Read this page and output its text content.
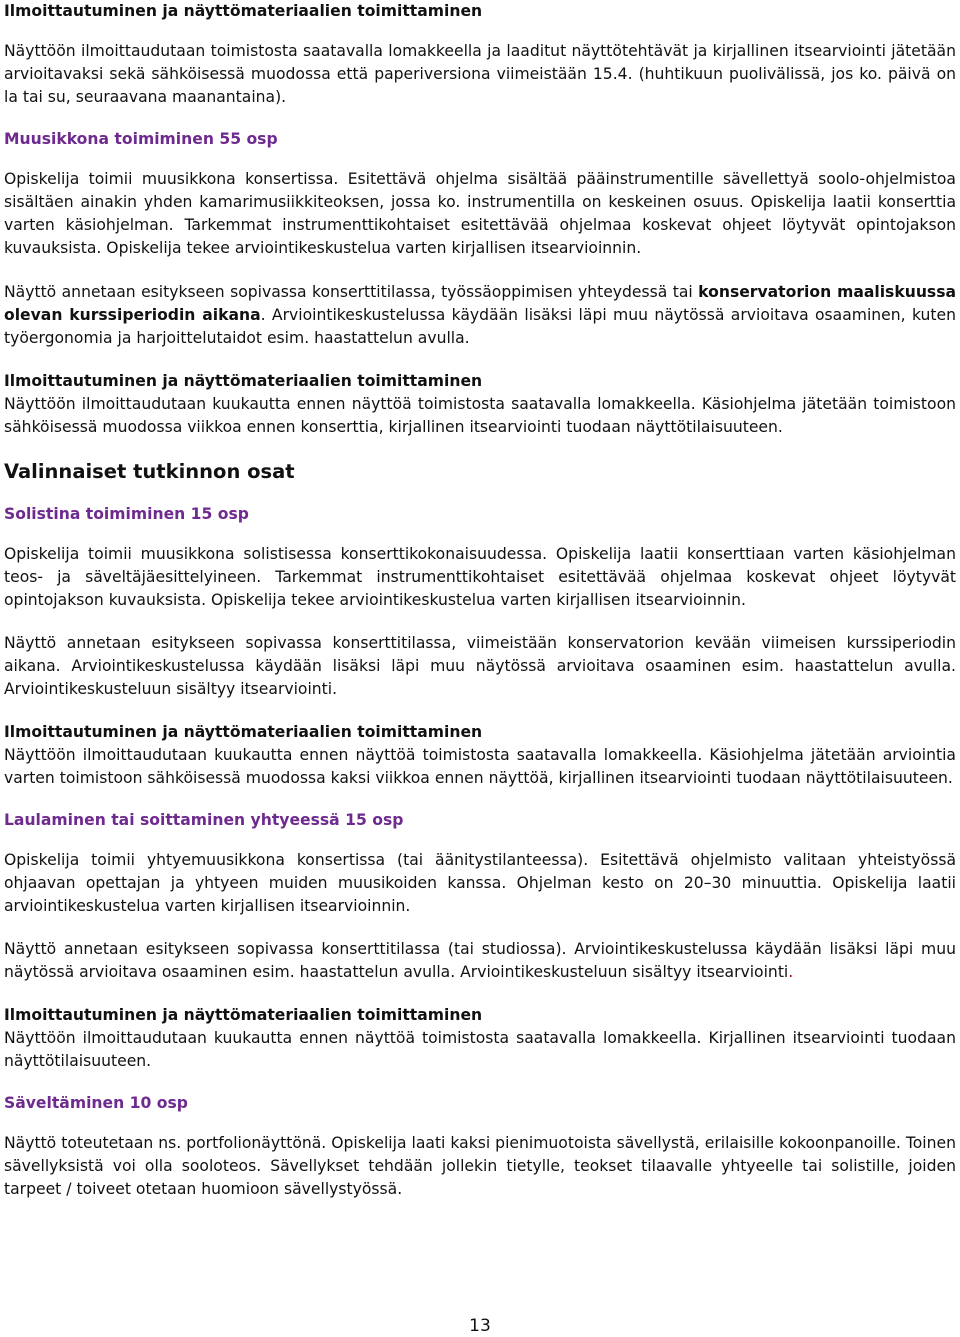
Ilmoittautuminen ja näyttömateriaalien toimittaminen

Näyttöön ilmoittaudutaan toimistosta saatavalla lomakkeella ja laaditut näyttötehtävät ja kirjallinen itsearviointi jätetään arvioitavaksi sekä sähköisessä muodossa että paperiversiona viimeistään 15.4. (huhtikuun puolivälissä, jos ko. päivä on la tai su, seuraavana maanantaina).

Muusikkona toimiminen 55 osp

Opiskelija toimii muusikkona konsertissa. Esitettävä ohjelma sisältää pääinstrumentille sävellettyä soolo-ohjelmistoa sisältäen ainakin yhden kamarimusiikkiteoksen, jossa ko. instrumentilla on keskeinen osuus. Opiskelija laatii konserttia varten käsiohjelman. Tarkemmat instrumenttikohtaiset esitettävää ohjelmaa koskevat ohjeet löytyvät opintojakson kuvauksista. Opiskelija tekee arviointikeskustelua varten kirjallisen itsearvioinnin.

Näyttö annetaan esitykseen sopivassa konserttitilassa, työssäoppimisen yhteydessä tai konservatorion maaliskuussa olevan kurssiperiodin aikana. Arviointikeskustelussa käydään lisäksi läpi muu näytössä arvioitava osaaminen, kuten työergonomia ja harjoittelutaidot esim. haastattelun avulla.

Ilmoittautuminen ja näyttömateriaalien toimittaminen

Näyttöön ilmoittaudutaan kuukautta ennen näyttöä toimistosta saatavalla lomakkeella. Käsiohjelma jätetään toimistoon sähköisessä muodossa viikkoa ennen konserttia, kirjallinen itsearviointi tuodaan näyttötilaisuuteen.

Valinnaiset tutkinnon osat

Solistina toimiminen 15 osp

Opiskelija toimii muusikkona solistisessa konserttikokonaisuudessa. Opiskelija laatii konserttiaan varten käsiohjelman teos- ja säveltäjäesittelyineen. Tarkemmat instrumenttikohtaiset esitettävää ohjelmaa koskevat ohjeet löytyvät opintojakson kuvauksista. Opiskelija tekee arviointikeskustelua varten kirjallisen itsearvioinnin.

Näyttö annetaan esitykseen sopivassa konserttitilassa, viimeistään konservatorion kevään viimeisen kurssiperiodin aikana. Arviointikeskustelussa käydään lisäksi läpi muu näytössä arvioitava osaaminen esim. haastattelun avulla. Arviointikeskusteluun sisältyy itsearviointi.

Ilmoittautuminen ja näyttömateriaalien toimittaminen

Näyttöön ilmoittaudutaan kuukautta ennen näyttöä toimistosta saatavalla lomakkeella. Käsiohjelma jätetään arviointia varten toimistoon sähköisessä muodossa kaksi viikkoa ennen näyttöä, kirjallinen itsearviointi tuodaan näyttötilaisuuteen.

Laulaminen tai soittaminen yhtyeessä 15 osp

Opiskelija toimii yhtyemuusikkona konsertissa (tai äänitystilanteessa). Esitettävä ohjelmisto valitaan yhteistyössä ohjaavan opettajan ja yhtyeen muiden muusikoiden kanssa. Ohjelman kesto on 20–30 minuuttia. Opiskelija laatii arviointikeskustelua varten kirjallisen itsearvioinnin.

Näyttö annetaan esitykseen sopivassa konserttitilassa (tai studiossa). Arviointikeskustelussa käydään lisäksi läpi muu näytössä arvioitava osaaminen esim. haastattelun avulla. Arviointikeskusteluun sisältyy itsearviointi.

Ilmoittautuminen ja näyttömateriaalien toimittaminen

Näyttöön ilmoittaudutaan kuukautta ennen näyttöä toimistosta saatavalla lomakkeella. Kirjallinen itsearviointi tuodaan näyttötilaisuuteen.

Säveltäminen 10 osp

Näyttö toteutetaan ns. portfolionäyttönä. Opiskelija laati kaksi pienimuotoista sävellystä, erilaisille kokoonpanoille. Toinen sävellyksistä voi olla sooloteos. Sävellykset tehdään jollekin tietylle, teokset tilaavalle yhtyeelle tai solistille, joiden tarpeet / toiveet otetaan huomioon sävellystyössä.

13
